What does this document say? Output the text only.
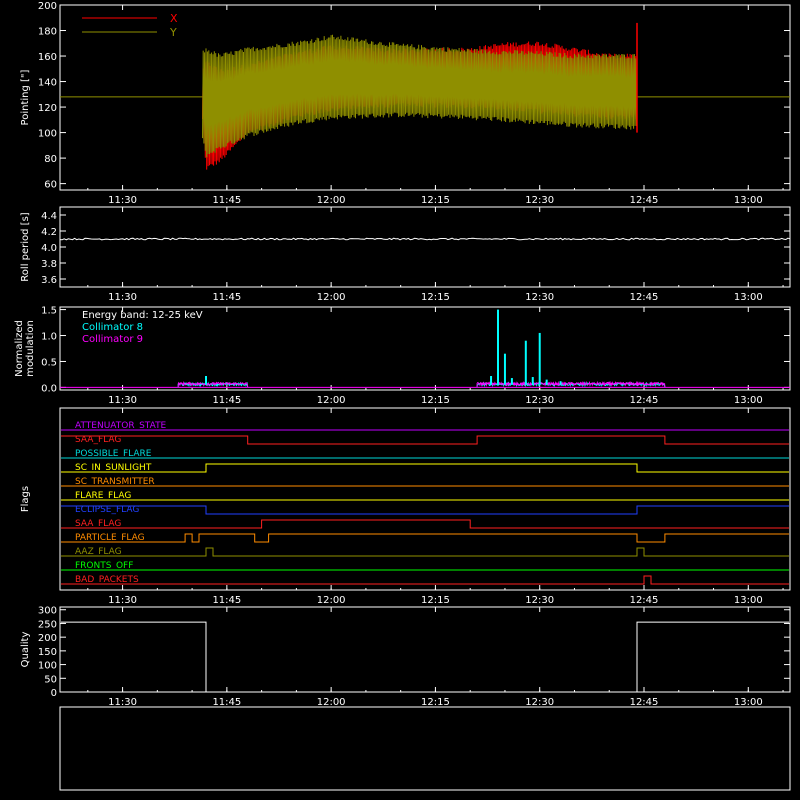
11:30	11:45	12:00	12:15	12:30	12:45	13:00
Pointing ["]
60
80
100
120
140
160
180
200
X
Y
11:30	11:45	12:00	12:15	12:30	12:45	13:00
Roll period [s] 3.6
3.8
4.0
4.2
4.4
11:30	11:45	12:00	12:15	12:30	12:45	13:00
Normalized modulation
0.0
0.5
1.0
1.5	Energy band: 12-25 keV
Collimator 8
Collimator 9
11:30	11:45	12:00	12:15	12:30	12:45	13:00
Flags
ATTENUATOR_STATE
SAA_FLAG
POSSIBLE_FLARE
SC_IN_SUNLIGHT
SC_TRANSMITTER
FLARE_FLAG
ECLIPSE_FLAG
SAA_FLAG
PARTICLE_FLAG
AAZ_FLAG
FRONTS_OFF
BAD_PACKETS
11:30	11:45	12:00	12:15	12:30	12:45	13:00
Quality
0
50
100
150
200
250
300
